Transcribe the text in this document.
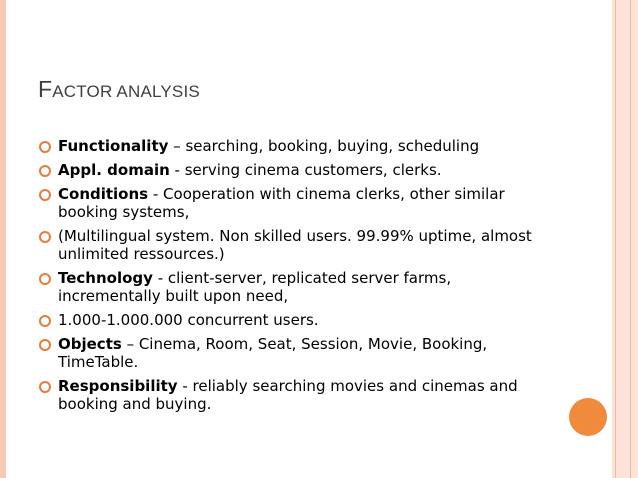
FACTOR ANALYSIS
Functionality – searching, booking, buying, scheduling
Appl. domain - serving cinema customers, clerks.
Conditions - Cooperation with cinema clerks, other similar booking systems,
(Multilingual system. Non skilled users. 99.99% uptime, almost unlimited ressources.)
Technology - client-server, replicated server farms, incrementally built upon need,
1.000-1.000.000 concurrent users.
Objects – Cinema, Room, Seat, Session, Movie, Booking, TimeTable.
Responsibility - reliably searching movies and cinemas and booking and buying.
